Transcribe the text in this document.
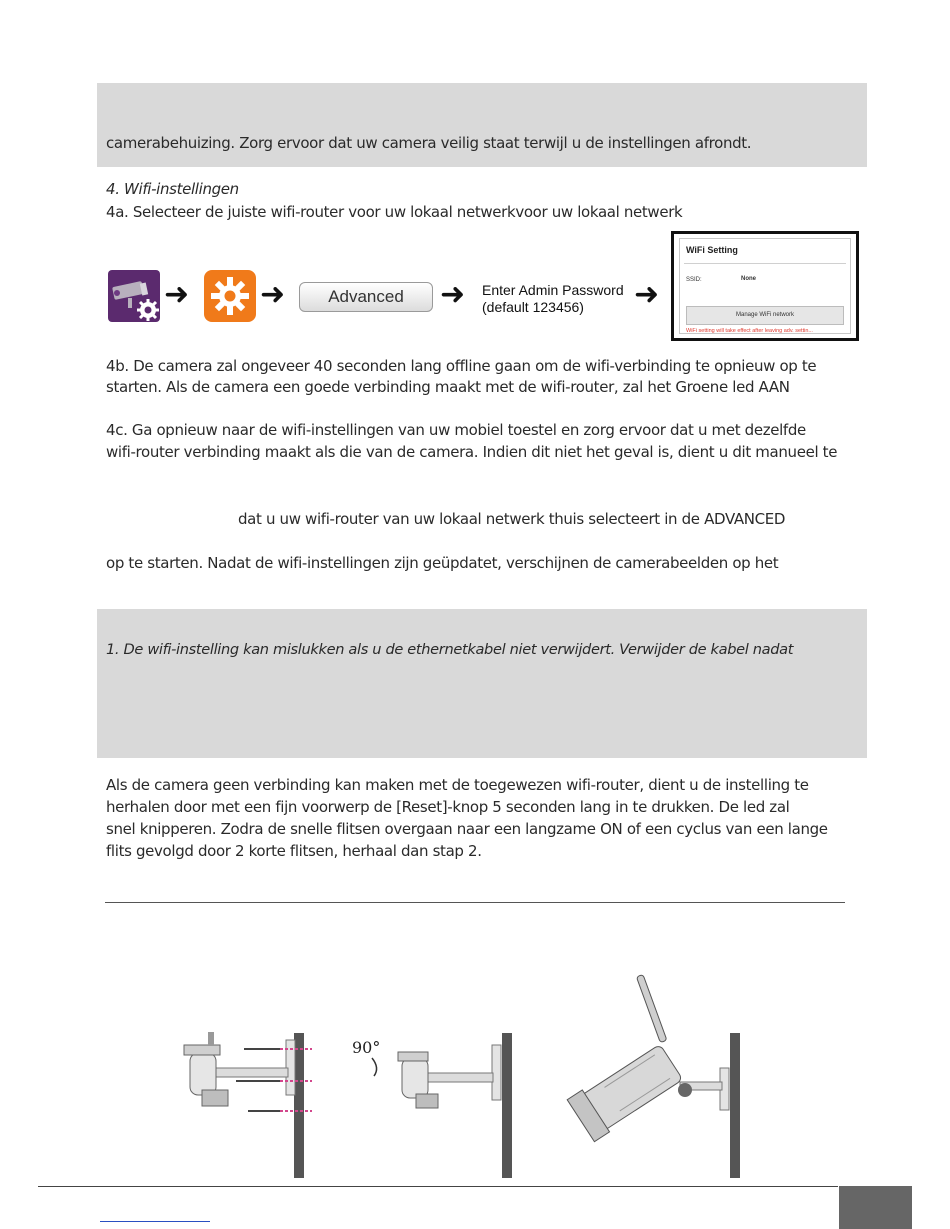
camerabehuizing. Zorg ervoor dat uw camera veilig staat terwijl u de instellingen afrondt.
4. Wifi-instellingen
4a. Selecteer de juiste wifi-router voor uw lokaal netwerkvoor uw lokaal netwerk
➜ ➜	Advanced	➜ Enter Admin Password
(default 123456)	➜
WiFi Setting
SSID:	None
Manage WiFi network
WiFi setting will take effect after leaving adv. settin...
4b. De camera zal ongeveer 40 seconden lang offline gaan om de wifi-verbinding te opnieuw op te
starten. Als de camera een goede verbinding maakt met de wifi-router, zal het Groene led AAN
4c. Ga opnieuw naar de wifi-instellingen van uw mobiel toestel en zorg ervoor dat u met dezelfde
wifi-router verbinding maakt als die van de camera. Indien dit niet het geval is, dient u dit manueel te
dat u uw wifi-router van uw lokaal netwerk thuis selecteert in de ADVANCED
op te starten. Nadat de wifi-instellingen zijn geüpdatet, verschijnen de camerabeelden op het
1. De wifi-instelling kan mislukken als u de ethernetkabel niet verwijdert. Verwijder de kabel nadat
Als de camera geen verbinding kan maken met de toegewezen wifi-router, dient u de instelling te
herhalen door met een fijn voorwerp de [Reset]-knop 5 seconden lang in te drukken. De led zal
snel knipperen. Zodra de snelle flitsen overgaan naar een langzame ON of een cyclus van een lange
flits gevolgd door 2 korte flitsen, herhaal dan stap 2.
90°
